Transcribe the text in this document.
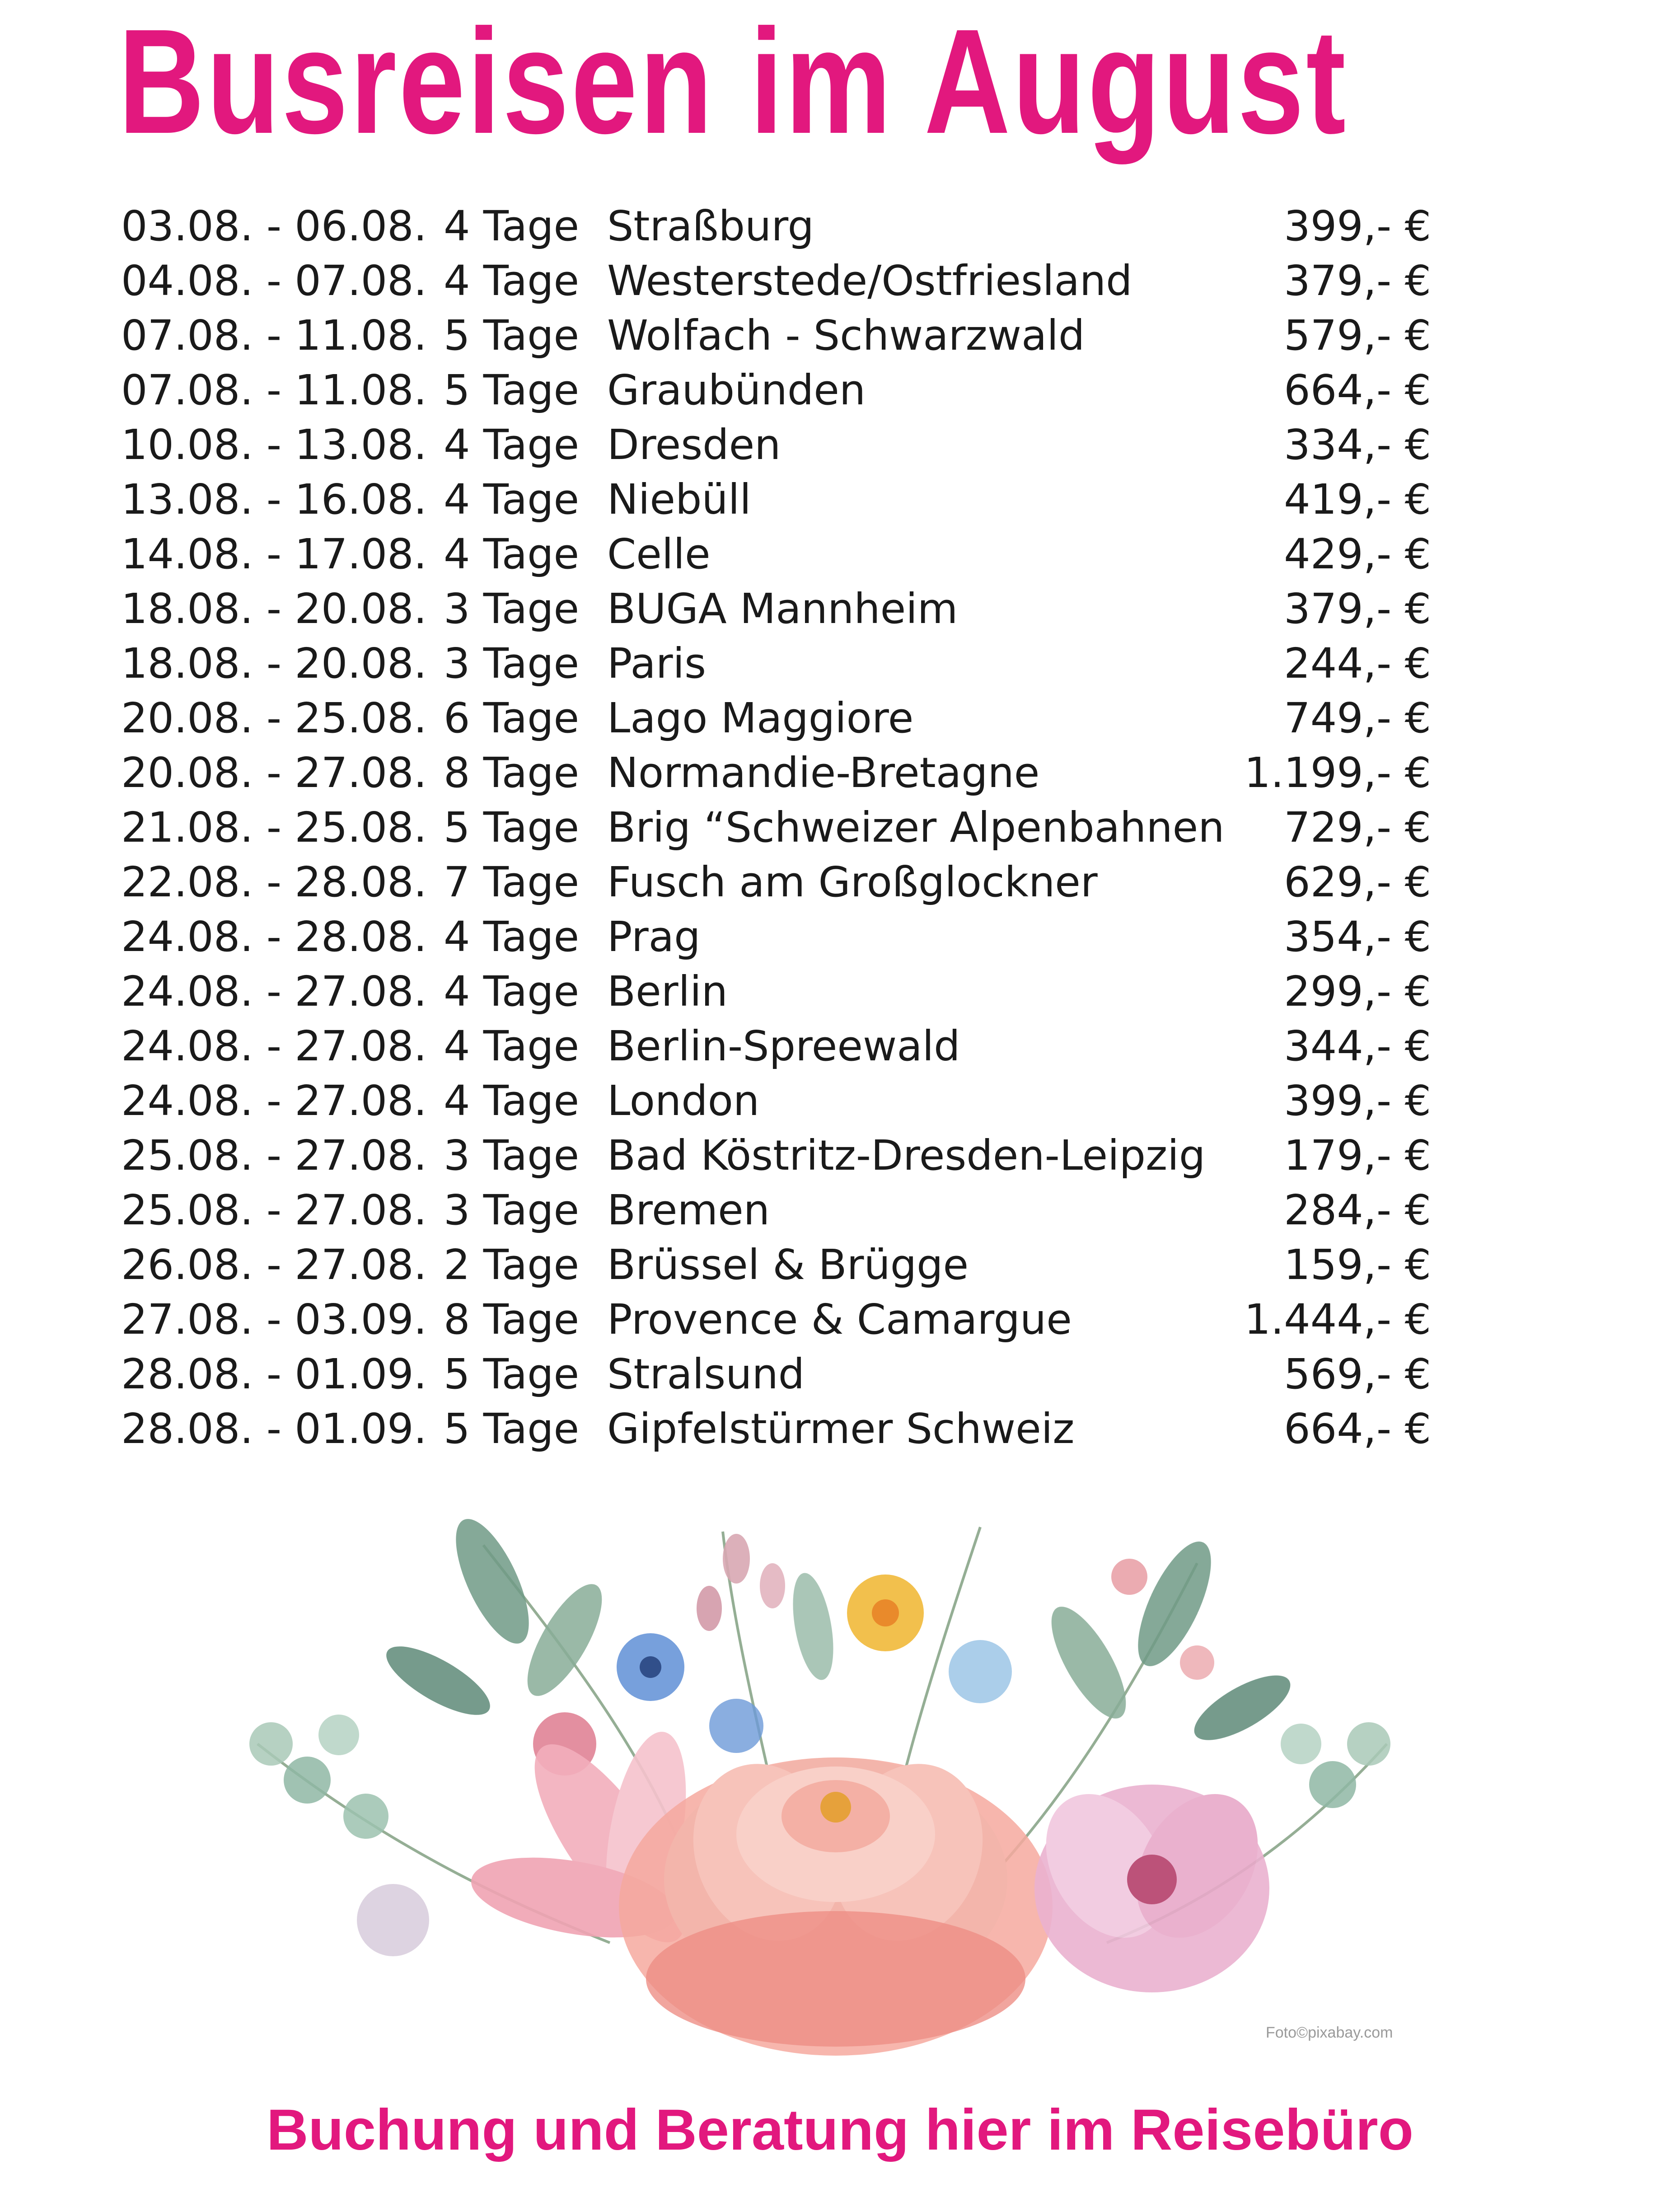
Busreisen im August
03.08. - 06.08. 4 Tage Straßburg	399,- €
04.08. - 07.08. 4 Tage Westerstede/Ostfriesland	379,- €
07.08. - 11.08. 5 Tage Wolfach - Schwarzwald	579,- €
07.08. - 11.08. 5 Tage Graubünden	664,- €
10.08. - 13.08. 4 Tage Dresden	334,- €
13.08. - 16.08. 4 Tage Niebüll	419,- €
14.08. - 17.08. 4 Tage Celle	429,- €
18.08. - 20.08. 3 Tage BUGA Mannheim	379,- €
18.08. - 20.08. 3 Tage Paris	244,- €
20.08. - 25.08. 6 Tage Lago Maggiore	749,- €
20.08. - 27.08. 8 Tage Normandie-Bretagne	1.199,- €
21.08. - 25.08. 5 Tage Brig “Schweizer Alpenbahnen	729,- €
22.08. - 28.08. 7 Tage Fusch am Großglockner	629,- €
24.08. - 28.08. 4 Tage Prag	354,- €
24.08. - 27.08. 4 Tage Berlin	299,- €
24.08. - 27.08. 4 Tage Berlin-Spreewald	344,- €
24.08. - 27.08. 4 Tage London	399,- €
25.08. - 27.08. 3 Tage Bad Köstritz-Dresden-Leipzig	179,- €
25.08. - 27.08. 3 Tage Bremen	284,- €
26.08. - 27.08. 2 Tage Brüssel & Brügge	159,- €
27.08. - 03.09. 8 Tage Provence & Camargue	1.444,- €
28.08. - 01.09. 5 Tage Stralsund	569,- €
28.08. - 01.09. 5 Tage Gipfelstürmer Schweiz	664,- €
Foto©pixabay.com

Buchung und Beratung hier im Reisebüro
